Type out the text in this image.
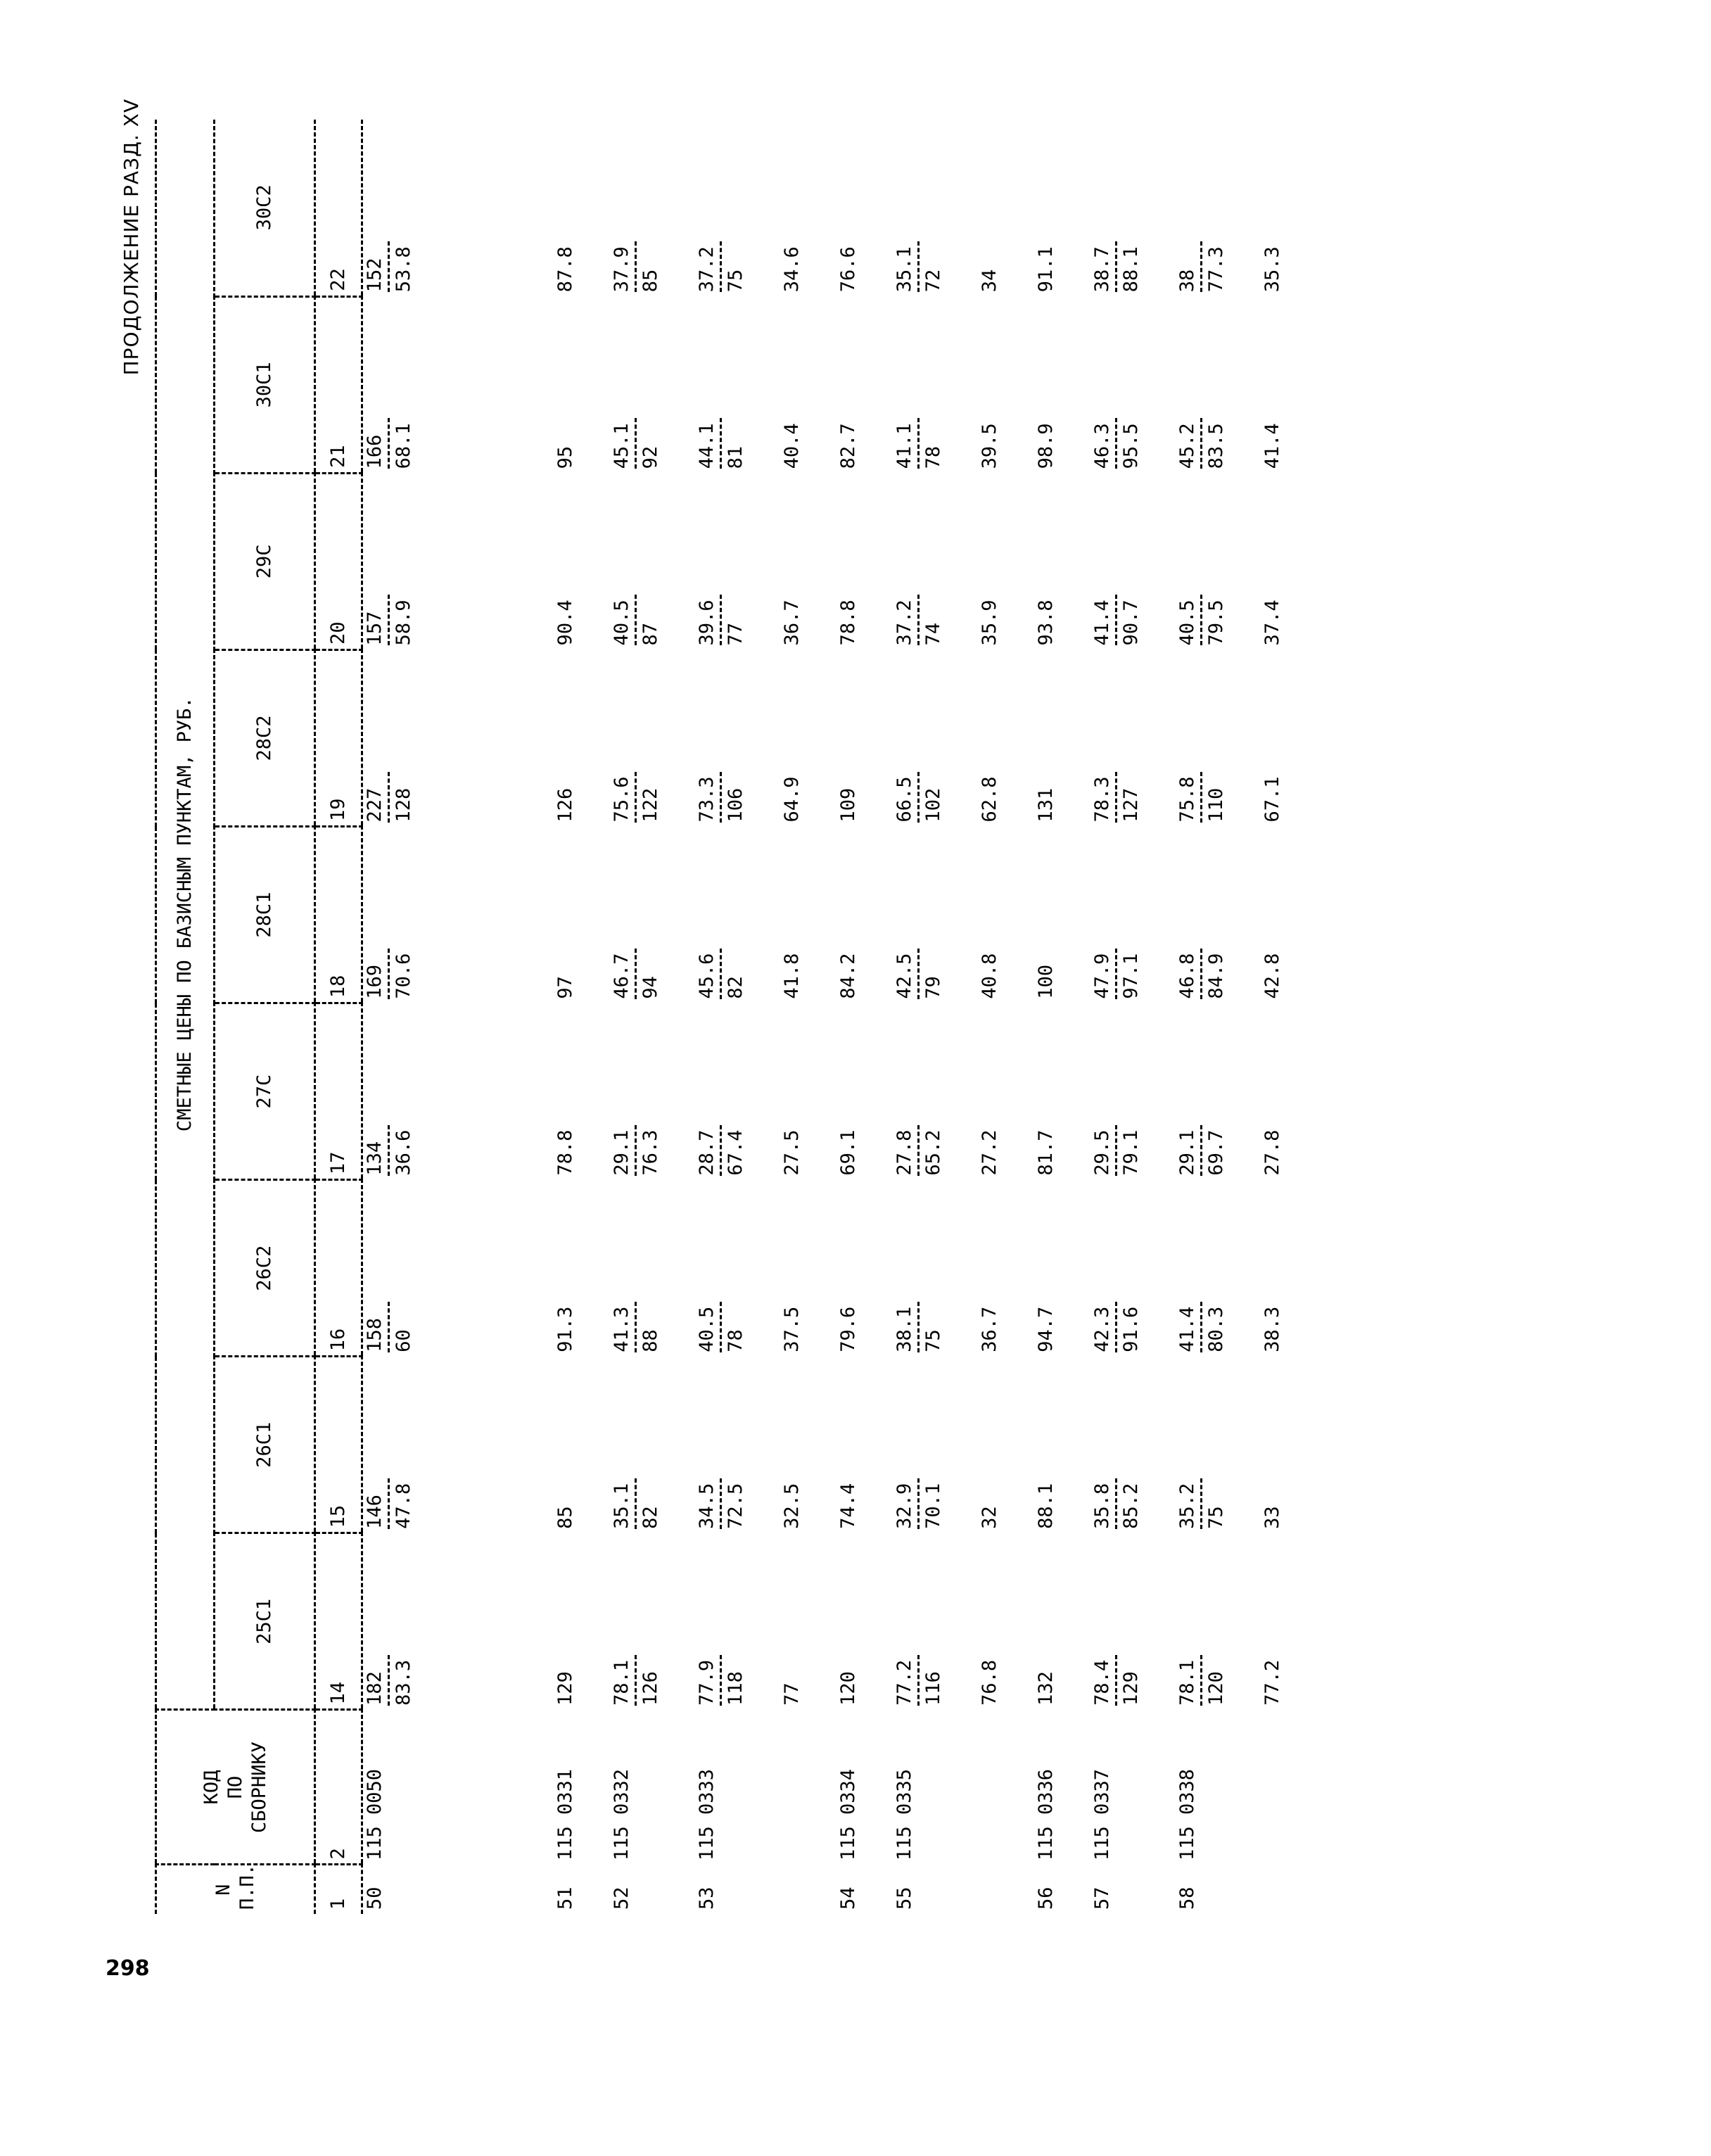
298
ПРОДОЛЖЕНИЕ РАЗД. XV
N
П.П.	КОД
ПО
СБОРНИКУ	СМЕТНЫЕ ЦЕНЫ ПО БАЗИСНЫМ ПУНКТАМ, РУБ.								
		25С1	26С1	26С2	27С	28С1	28С2	29С	30С1	30С2
1	2	14	15	16	17	18	19	20	21	22
50	115 0050	182 83.3	146 47.8	158 60	134 36.6	169 70.6	227 128	157 58.9	166 68.1	152 53.8

51	115 0331	129	85	91.3	78.8	97	126	90.4	95	87.8

52	115 0332	78.1 126	35.1 82	41.3 88	29.1 76.3	46.7 94	75.6 122	40.5 87	45.1 92	37.9 85

53	115 0333	77.9 118	34.5 72.5	40.5 78	28.7 67.4	45.6 82	73.3 106	39.6 77	44.1 81	37.2 75

		77	32.5	37.5	27.5	41.8	64.9	36.7	40.4	34.6

54	115 0334	120	74.4	79.6	69.1	84.2	109	78.8	82.7	76.6

55	115 0335	77.2 116	32.9 70.1	38.1 75	27.8 65.2	42.5 79	66.5 102	37.2 74	41.1 78	35.1 72

		76.8	32	36.7	27.2	40.8	62.8	35.9	39.5	34

56	115 0336	132	88.1	94.7	81.7	100	131	93.8	98.9	91.1

57	115 0337	78.4 129	35.8 85.2	42.3 91.6	29.5 79.1	47.9 97.1	78.3 127	41.4 90.7	46.3 95.5	38.7 88.1

58	115 0338	78.1 120	35.2 75	41.4 80.3	29.1 69.7	46.8 84.9	75.8 110	40.5 79.5	45.2 83.5	38 77.3

		77.2	33	38.3	27.8	42.8	67.1	37.4	41.4	35.3
